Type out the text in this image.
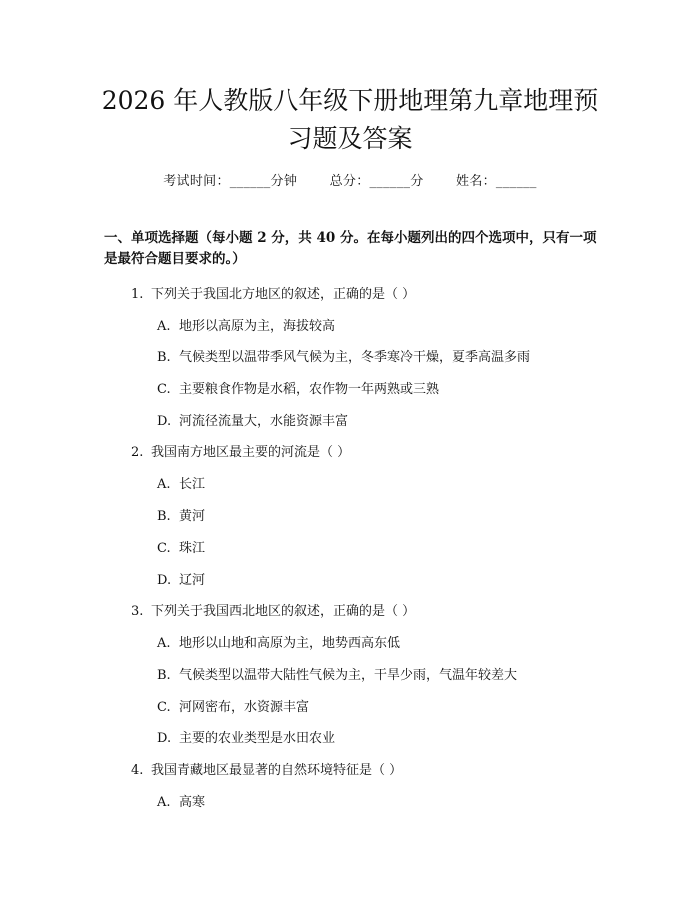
2026 年人教版八年级下册地理第九章地理预
习题及答案
考试时间：______分钟 总分：______分 姓名：______

一、单项选择题（每小题 2 分，共 40 分。在每小题列出的四个选项中，只有一项是最符合题目要求的。）

1. 下列关于我国北方地区的叙述，正确的是（ ）
A. 地形以高原为主，海拔较高
B. 气候类型以温带季风气候为主，冬季寒冷干燥，夏季高温多雨
C. 主要粮食作物是水稻，农作物一年两熟或三熟
D. 河流径流量大，水能资源丰富
2. 我国南方地区最主要的河流是（ ）
A. 长江
B. 黄河
C. 珠江
D. 辽河
3. 下列关于我国西北地区的叙述，正确的是（ ）
A. 地形以山地和高原为主，地势西高东低
B. 气候类型以温带大陆性气候为主，干旱少雨，气温年较差大
C. 河网密布，水资源丰富
D. 主要的农业类型是水田农业
4. 我国青藏地区最显著的自然环境特征是（ ）
A. 高寒
